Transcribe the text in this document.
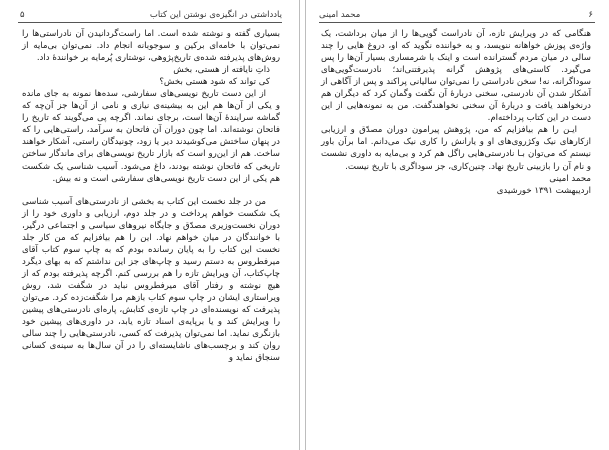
۵	یادداشتی در انگیزه‌ی نوشتن این کتاب

بسیاری گفته و نوشته شده است. اما راست‌گردانیدن آن نادراستی‌ها را نمی‌توان با خامه‌ای برکین و سوجوبانه انجام داد. نمی‌توان بی‌مایه از روش‌های پذیرفته شده‌ی تاریخ‌پژوهی، نوشتاری پُرمایه بر خوانندهٔ داد.

ذاتِ نایافته از هستی، بخش

کی تواند که شود هستی بخش؟

از این دست تاریخ نویسی‌های سفارشی، سده‌ها نمونه به جای مانده و یکی از آن‌ها هم این به بیشینه‌ی نیازی و نامی از آن‌ها جز آن‌چه که گماشه سرایندهٔ آن‌ها است، برجای نماند. اگرچه پی می‌گویند که تاریخ را فاتحان نوشته‌اند. اما چون دوران آن فاتحان به سرآمد، راستی‌هایی را که در پنهان ساختش می‌کوشیدند دیر یا زود، چونیدگان راستی، آشکار خواهند ساخت. هم از این‌رو است که بازار تاریخ نویسی‌های برای ماندگار ساختن تاریخی که فاتحان نوشته بودند، داغ می‌شود. آسیب شناسی یک شکست هم یکی از این دست تاریخ نویسی‌های سفارشی است و نه بیش.

من در جلد نخست این کتاب به بخشی از نادرستی‌های آسیب شناسی یک شکست خواهم پرداخت و در جلد دوم، ارزیابی و داوری خود را از دوران نخست‌وزیری مصدّق و جایگاه نیروهای سیاسی و اجتماعی درگیر، با خوانندگان در میان خواهم نهاد. این را هم بیافزایم که من کار جلد نخست این کتاب را به پایان رسانده بودم که به چاپ سوم کتاب آقای میرفطروس به دستم رسید و چاپ‌های جز این نداشتم که به بهای دیگرد چاپ‌کتاب، آن ویرایش تازه را هم بررسی کنم. اگرچه پذیرفته بودم که از هیچ نوشته و رفتار آقای میرفطروس نباید در شگفت شد، روش ویراستاری ایشان در چاپ سوم کتاب بازهم مرا شگفت‌زده کرد. می‌توان پذیرفت که نویسنده‌ای در چاپ تازه‌ی کتابش، پاره‌ای نادرستی‌های پیشین را ویرایش کند و یا برپایه‌ی اسناد تازه یابد، در داوری‌های پیشین خود بازنگری نماید. اما نمی‌توان پذیرفت که کسی، نادرستی‌هایی را چند سالی روان کند و برچسب‌های ناشایسته‌ای را در آن سال‌ها به سینه‌ی کسانی سنجاق نماید و

۶
محمد امینی

هنگامی که در ویرایش تازه، آن نادراست گویی‌ها را از میان برداشت، یک واژه‌ی پوزش خواهانه ننویسد، و به خواننده نگوید که او، دروغ هایی را چند سالی در میان مردم گسترانده است و اینک با شرمساری بسیار آن‌ها را پس می‌گیرد. کاستی‌های پژوهش گرانه پذیرفتنی‌اند؛ نادرست‌گویی‌های سوداگرانه، نه! سخن نادراستی را نمی‌توان سالیانی پراکند و پس از آگاهی از آشکار شدن آن نادرستی، سخنی دربارهٔ آن نگفت وگمان کرد که دیگران هم درنخواهند یافت و دربارهٔ آن سخنی نخواهندگفت. من به نمونه‌هایی از این دست در این کتاب پرداخته‌ام.

ایـن را هم بیافزایم که من، پژوهش پیرامون دوران مصدّق و ارزیابی ازکارهای نیک وکژروی‌های او و یارانش را کاری نیک می‌دانم. اما برآن باور نیستم که می‌توان بـا نادرستی‌هایی راگل هم کرد و بی‌مایه به داوری نشست و نام آن را بازبینی تاریخ نهاد. چنین‌کاری، جز سوداگری با تاریخ نیست.

محمد امینی

اردیبهشت ۱۳۹۱ خورشیدی
